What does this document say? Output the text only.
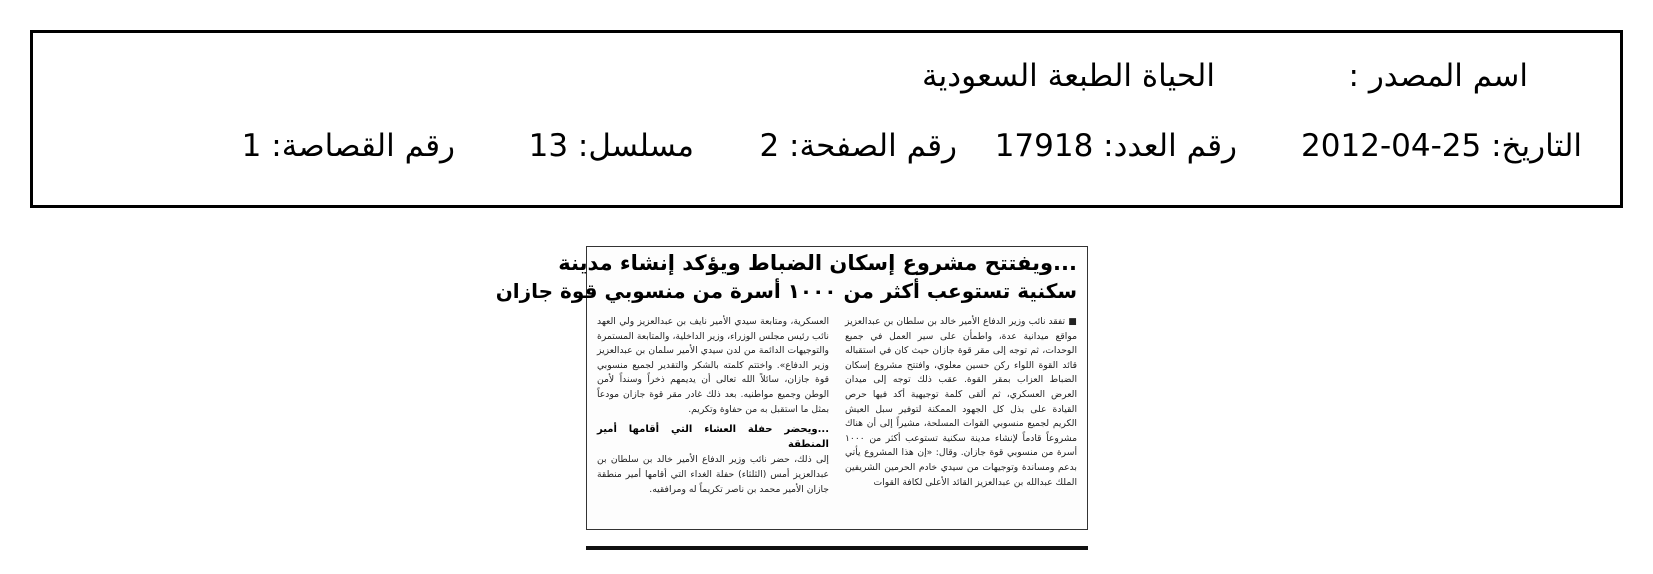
اسم المصدر :
الحياة الطبعة السعودية
التاريخ: 25-04-2012
رقم العدد: 17918
رقم الصفحة: 2
مسلسل: 13
رقم القصاصة: 1
...ويفتتح مشروع إسكان الضباط ويؤكد إنشاء مدينة
سكنية تستوعب أكثر من ١٠٠٠ أسرة من منسوبي قوة جازان
■ تفقد نائب وزير الدفاع الأمير خالد بن سلطان بن عبدالعزيز مواقع ميدانية عدة، واطمأن على سير العمل في جميع الوحدات، ثم توجه إلى مقر قوة جازان حيث كان في استقباله قائد القوة اللواء ركن حسين معلوي، وافتتح مشروع إسكان الضباط العزاب بمقر القوة. عقب ذلك توجه إلى ميدان العرض العسكري، ثم ألقى كلمة توجيهية أكد فيها حرص القيادة على بذل كل الجهود الممكنة لتوفير سبل العيش الكريم لجميع منسوبي القوات المسلحة، مشيراً إلى أن هناك مشروعاً قادماً لإنشاء مدينة سكنية تستوعب أكثر من ١٠٠٠ أسرة من منسوبي قوة جازان. وقال: «إن هذا المشروع يأتي بدعم ومساندة وتوجيهات من سيدي خادم الحرمين الشريفين الملك عبدالله بن عبدالعزيز القائد الأعلى لكافة القوات
العسكرية، ومتابعة سيدي الأمير نايف بن عبدالعزيز ولي العهد نائب رئيس مجلس الوزراء، وزير الداخلية، والمتابعة المستمرة والتوجيهات الدائمة من لدن سيدي الأمير سلمان بن عبدالعزيز وزير الدفاع». واختتم كلمته بالشكر والتقدير لجميع منسوبي قوة جازان، سائلاً الله تعالى أن يديمهم ذخراً وسنداً لأمن الوطن وجميع مواطنيه. بعد ذلك غادر مقر قوة جازان مودعاً بمثل ما استقبل به من حفاوة وتكريم.
...ويحضر حفلة العشاء التي أقامها أمير المنطقة
إلى ذلك، حضر نائب وزير الدفاع الأمير خالد بن سلطان بن عبدالعزيز أمس (الثلثاء) حفلة الغداء التي أقامها أمير منطقة جازان الأمير محمد بن ناصر تكريماً له ومرافقيه.
